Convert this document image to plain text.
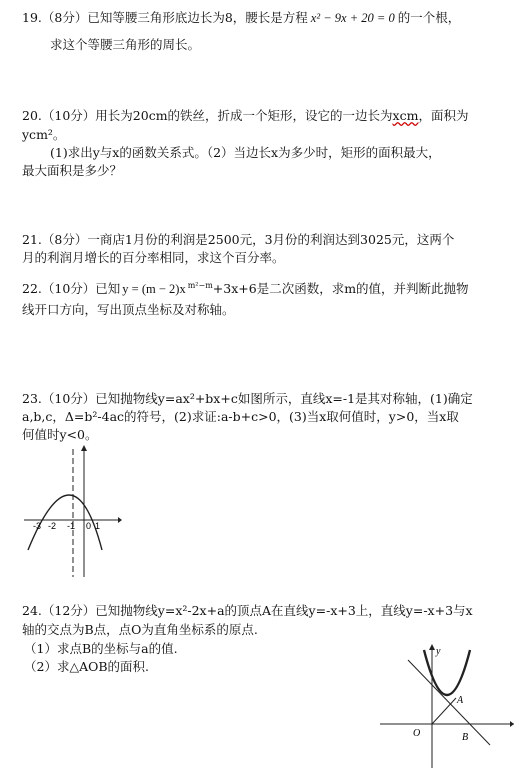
19.（8分）已知等腰三角形底边长为8，腰长是方程 x² − 9x + 20 = 0 的一个根，
求这个等腰三角形的周长。
20.（10分）用长为20cm的铁丝，折成一个矩形，设它的一边长为xcm，面积为
ycm²。
(1)求出y与x的函数关系式。（2）当边长x为多少时，矩形的面积最大，
最大面积是多少？
21.（8分）一商店1月份的利润是2500元，3月份的利润达到3025元，这两个
月的利润月增长的百分率相同，求这个百分率。
22.（10分）已知 y = (m − 2)x $^{m^2-m}$+3x+6是二次函数，求m的值，并判断此抛物
线开口方向，写出顶点坐标及对称轴。
23.（10分）已知抛物线y=ax²+bx+c如图所示，直线x=-1是其对称轴，(1)确定
a,b,c，Δ=b²-4ac的符号，(2)求证:a-b+c>0，(3)当x取何值时，y>0，当x取
何值时y<0。
-3 -2 -1 0 1
24.（12分）已知抛物线y=x²-2x+a的顶点A在直线y=-x+3上，直线y=-x+3与x
轴的交点为B点，点O为直角坐标系的原点.
（1）求点B的坐标与a的值.
（2）求△AOB的面积.
y
A
O	B
